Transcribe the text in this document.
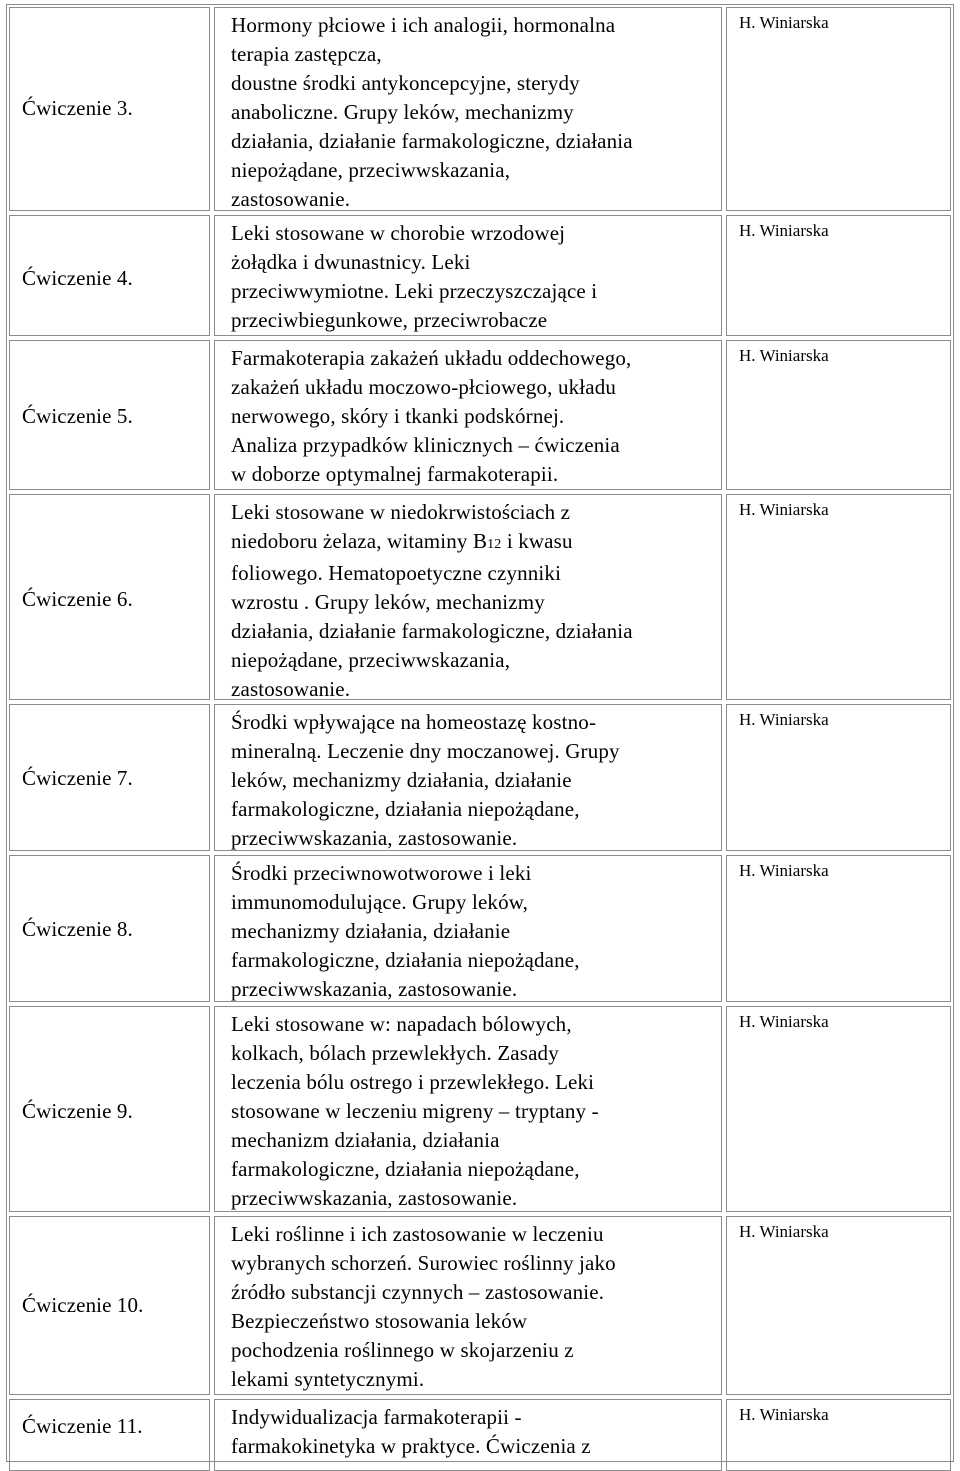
Ćwiczenie 3.
Hormony płciowe i ich analogii, hormonalna
terapia zastępcza,
doustne środki antykoncepcyjne, sterydy
anaboliczne. Grupy leków, mechanizmy
działania, działanie farmakologiczne, działania
niepożądane, przeciwwskazania,
zastosowanie.
H. Winiarska
Ćwiczenie 4.
Leki stosowane w chorobie wrzodowej
żołądka i dwunastnicy. Leki
przeciwwymiotne. Leki przeczyszczające i
przeciwbiegunkowe, przeciwrobacze
H. Winiarska
Ćwiczenie 5.
Farmakoterapia zakażeń układu oddechowego,
zakażeń układu moczowo-płciowego, układu
nerwowego, skóry i tkanki podskórnej.
Analiza przypadków klinicznych – ćwiczenia
w doborze optymalnej farmakoterapii.
H. Winiarska
Ćwiczenie 6.
Leki stosowane w niedokrwistościach z
niedoboru żelaza, witaminy B12 i kwasu
foliowego. Hematopoetyczne czynniki
wzrostu . Grupy leków, mechanizmy
działania, działanie farmakologiczne, działania
niepożądane, przeciwwskazania,
zastosowanie.
H. Winiarska
Ćwiczenie 7.
Środki wpływające na homeostazę kostno-
mineralną. Leczenie dny moczanowej. Grupy
leków, mechanizmy działania, działanie
farmakologiczne, działania niepożądane,
przeciwwskazania, zastosowanie.
H. Winiarska
Ćwiczenie 8.
Środki przeciwnowotworowe i leki
immunomodulujące. Grupy leków,
mechanizmy działania, działanie
farmakologiczne, działania niepożądane,
przeciwwskazania, zastosowanie.
H. Winiarska
Ćwiczenie 9.
Leki stosowane w: napadach bólowych,
kolkach, bólach przewlekłych. Zasady
leczenia bólu ostrego i przewlekłego. Leki
stosowane w leczeniu migreny – tryptany -
mechanizm działania, działania
farmakologiczne, działania niepożądane,
przeciwwskazania, zastosowanie.
H. Winiarska
Ćwiczenie 10.
Leki roślinne i ich zastosowanie w leczeniu
wybranych schorzeń. Surowiec roślinny jako
źródło substancji czynnych – zastosowanie.
Bezpieczeństwo stosowania leków
pochodzenia roślinnego w skojarzeniu z
lekami syntetycznymi.
H. Winiarska
Ćwiczenie 11.	Indywidualizacja farmakoterapii -
farmakokinetyka w praktyce. Ćwiczenia z
H. Winiarska
